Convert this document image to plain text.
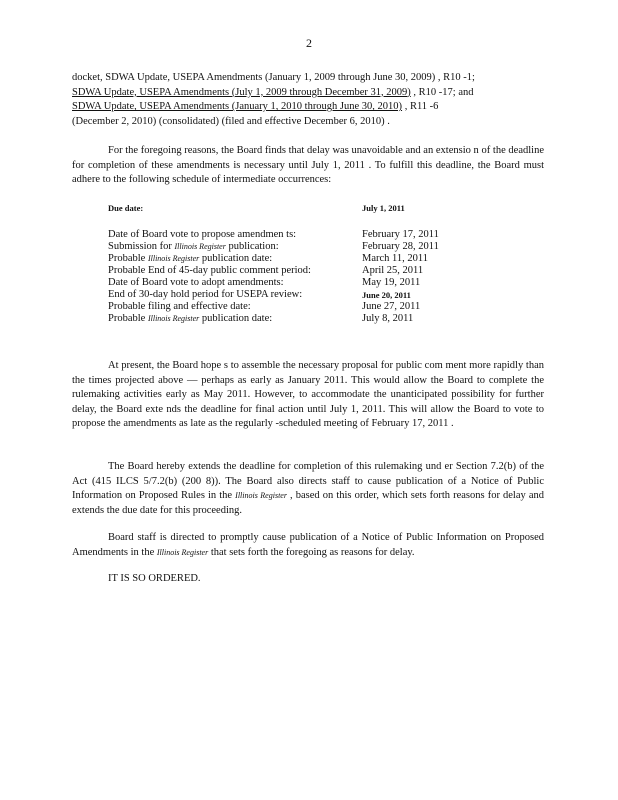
2
docket, SDWA Update, USEPA Amendments (January 1, 2009 through June 30, 2009) , R10 -1;
SDWA Update, USEPA Amendments (July 1, 2009 through December 31, 2009) , R10 -17; and
SDWA Update, USEPA Amendments (January 1, 2010 through June 30, 2010) , R11 -6
(December 2, 2010) (consolidated) (filed and effective December 6, 2010) .

For the foregoing reasons, the Board finds that delay was unavoidable and an extensio n of the deadline for completion of these amendments is necessary until July 1, 2011 . To fulfill this deadline, the Board must adhere to the following schedule of intermediate occurrences:

Due date:	July 1, 2011
Date of Board vote to propose amendmen ts:	February 17, 2011
Submission for Illinois Register publication:	February 28, 2011
Probable Illinois Register publication date:	March 11, 2011
Probable End of 45-day public comment period:	April 25, 2011
Date of Board vote to adopt amendments:	May 19, 2011
End of 30-day hold period for USEPA review:	June 20, 2011
Probable filing and effective date:	June 27, 2011
Probable Illinois Register publication date:	July 8, 2011

At present, the Board hope s to assemble the necessary proposal for public com ment more rapidly than the times projected above — perhaps as early as January 2011. This would allow the Board to complete the rulemaking activities early as May 2011. However, to accommodate the unanticipated possibility for further delay, the Board exte nds the deadline for final action until July 1, 2011. This will allow the Board to vote to propose the amendments as late as the regularly -scheduled meeting of February 17, 2011 .

The Board hereby extends the deadline for completion of this rulemaking und er Section 7.2(b) of the Act (415 ILCS 5/7.2(b) (200 8)). The Board also directs staff to cause publication of a Notice of Public Information on Proposed Rules in the Illinois Register , based on this order, which sets forth reasons for delay and extends the due date for this proceeding.

Board staff is directed to promptly cause publication of a Notice of Public Information on Proposed Amendments in the Illinois Register that sets forth the foregoing as reasons for delay.

IT IS SO ORDERED.
